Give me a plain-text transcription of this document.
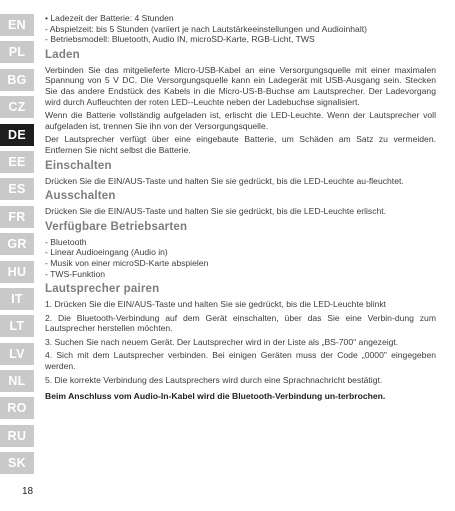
EN
PL
BG
CZ
DE
EE
ES
FR
GR
HU
IT
LT
LV
NL
RO
RU
SK
18
• Ladezeit der Batterie: 4 Stunden
- Abspielzeit: bis 5 Stunden (variiert je nach Lautstärkeeinstellungen und Audioinhalt)
- Betriebsmodell: Bluetooth, Audio IN, microSD-Karte, RGB-Licht, TWS
Laden

Verbinden Sie das mitgelieferte Micro-USB-Kabel an eine Versorgungsquelle mit einer maximalen Spannung von 5 V DC. Die Versorgungsquelle kann ein Ladegerät mit USB-Ausgang sein. Stecken Sie das andere Endstück des Kabels in die Micro-US-B-Buchse am Lautsprecher. Der Ladevorgang wird durch Aufleuchten der roten LED--Leuchte neben der Ladebuchse signalisiert.

Wenn die Batterie vollständig aufgeladen ist, erlischt die LED-Leuchte. Wenn der Lautsprecher voll aufgeladen ist, trennen Sie ihn von der Versorgungsquelle.

Der Lautsprecher verfügt über eine eingebaute Batterie, um Schäden am Satz zu vermeiden. Entfernen Sie nicht selbst die Batterie.

Einschalten

Drücken Sie die EIN/AUS-Taste und halten Sie sie gedrückt, bis die LED-Leuchte au-fleuchtet.

Ausschalten

Drücken Sie die EIN/AUS-Taste und halten Sie sie gedrückt, bis die LED-Leuchte erlischt.

Verfügbare Betriebsarten
- Bluetooth
- Linear Audioeingang (Audio in)
- Musik von einer microSD-Karte abspielen
- TWS-Funktion
Lautsprecher pairen

1. Drücken Sie die EIN/AUS-Taste und halten Sie sie gedrückt, bis die LED-Leuchte blinkt

2. Die Bluetooth-Verbindung auf dem Gerät einschalten, über das Sie eine Verbin-dung zum Lautsprecher herstellen möchten.

3. Suchen Sie nach neuem Gerät. Der Lautsprecher wird in der Liste als „BS-700" angezeigt.

4. Sich mit dem Lautsprecher verbinden. Bei einigen Geräten muss der Code „0000" eingegeben werden.

5. Die korrekte Verbindung des Lautsprechers wird durch eine Sprachnachricht bestätigt.

Beim Anschluss vom Audio-In-Kabel wird die Bluetooth-Verbindung un-terbrochen.
